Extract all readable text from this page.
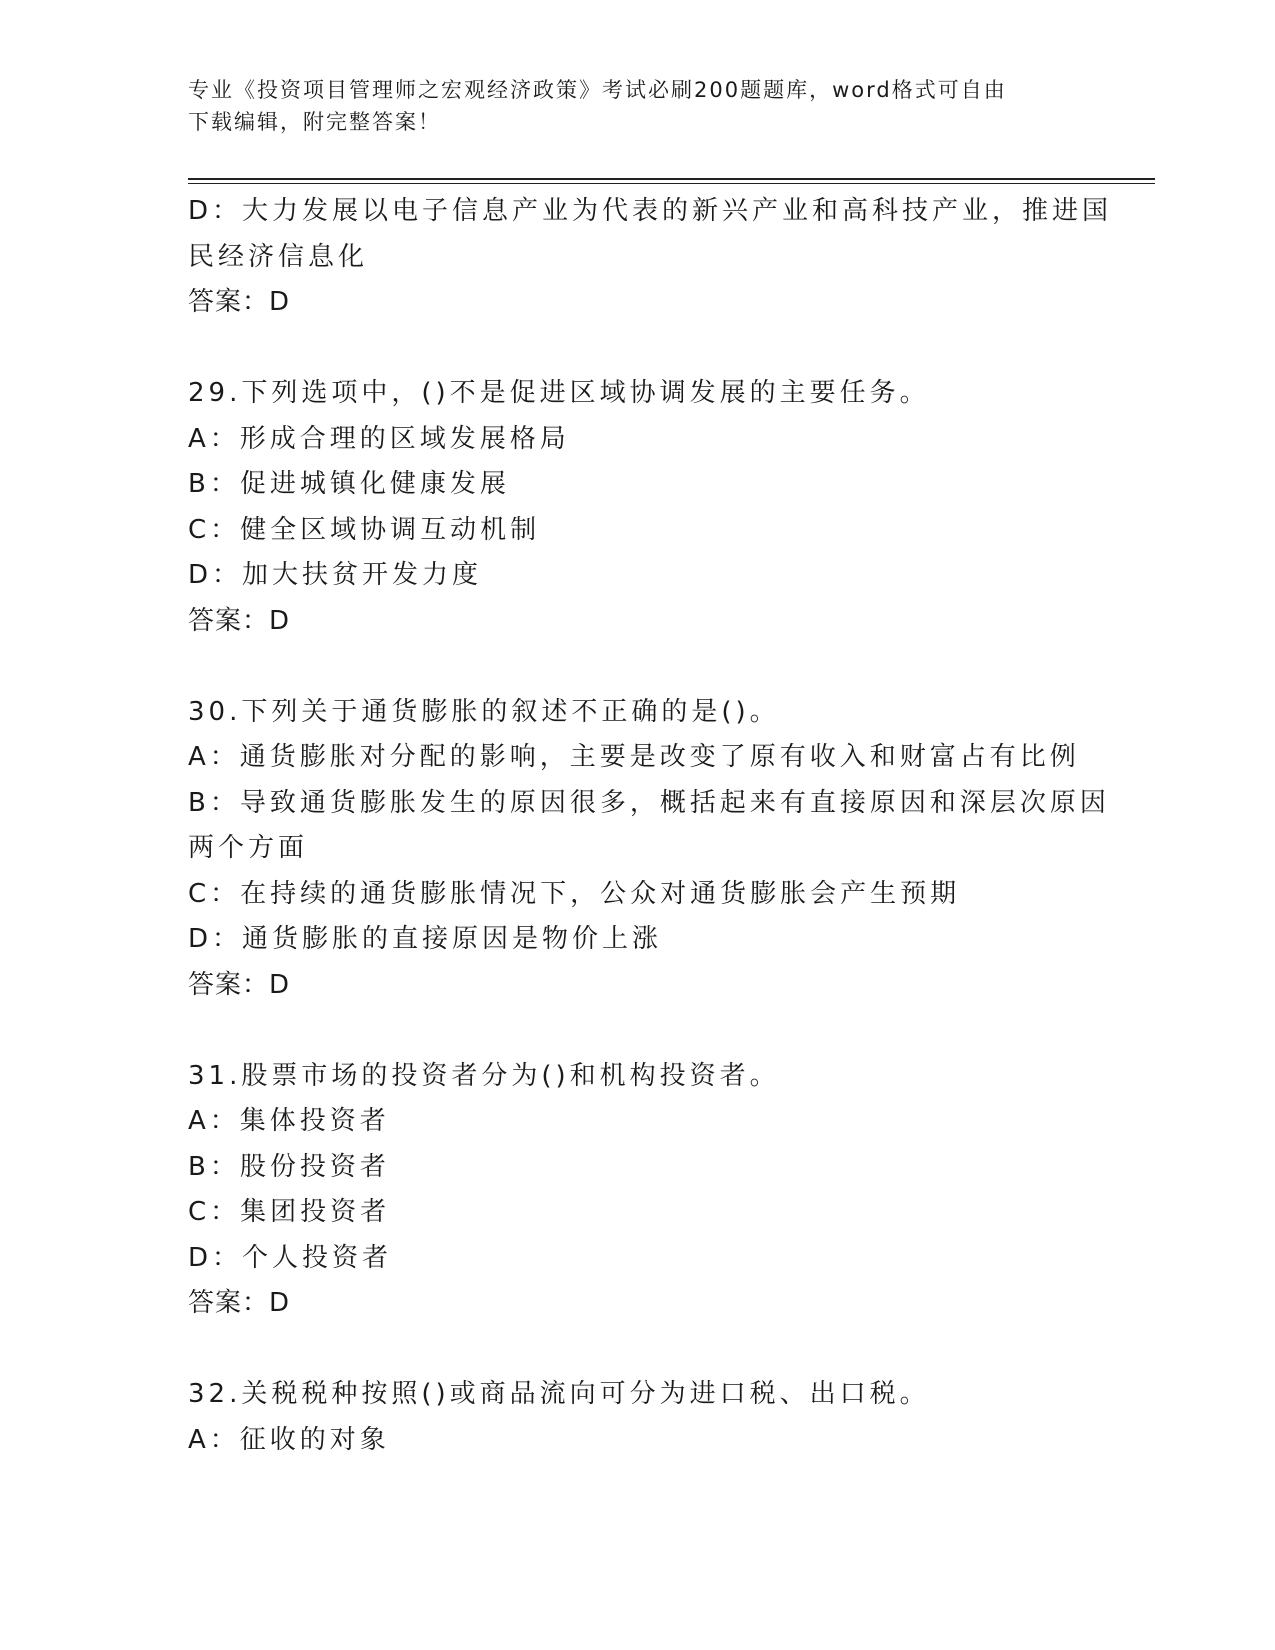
专业《投资项目管理师之宏观经济政策》考试必刷200题题库，word格式可自由
下载编辑，附完整答案！
D：大力发展以电子信息产业为代表的新兴产业和高科技产业，推进国
民经济信息化
答案：D
29.下列选项中，()不是促进区域协调发展的主要任务。
A：形成合理的区域发展格局
B：促进城镇化健康发展
C：健全区域协调互动机制
D：加大扶贫开发力度
答案：D
30.下列关于通货膨胀的叙述不正确的是()。
A：通货膨胀对分配的影响，主要是改变了原有收入和财富占有比例
B：导致通货膨胀发生的原因很多，概括起来有直接原因和深层次原因
两个方面
C：在持续的通货膨胀情况下，公众对通货膨胀会产生预期
D：通货膨胀的直接原因是物价上涨
答案：D
31.股票市场的投资者分为()和机构投资者。
A：集体投资者
B：股份投资者
C：集团投资者
D：个人投资者
答案：D
32.关税税种按照()或商品流向可分为进口税、出口税。
A：征收的对象
